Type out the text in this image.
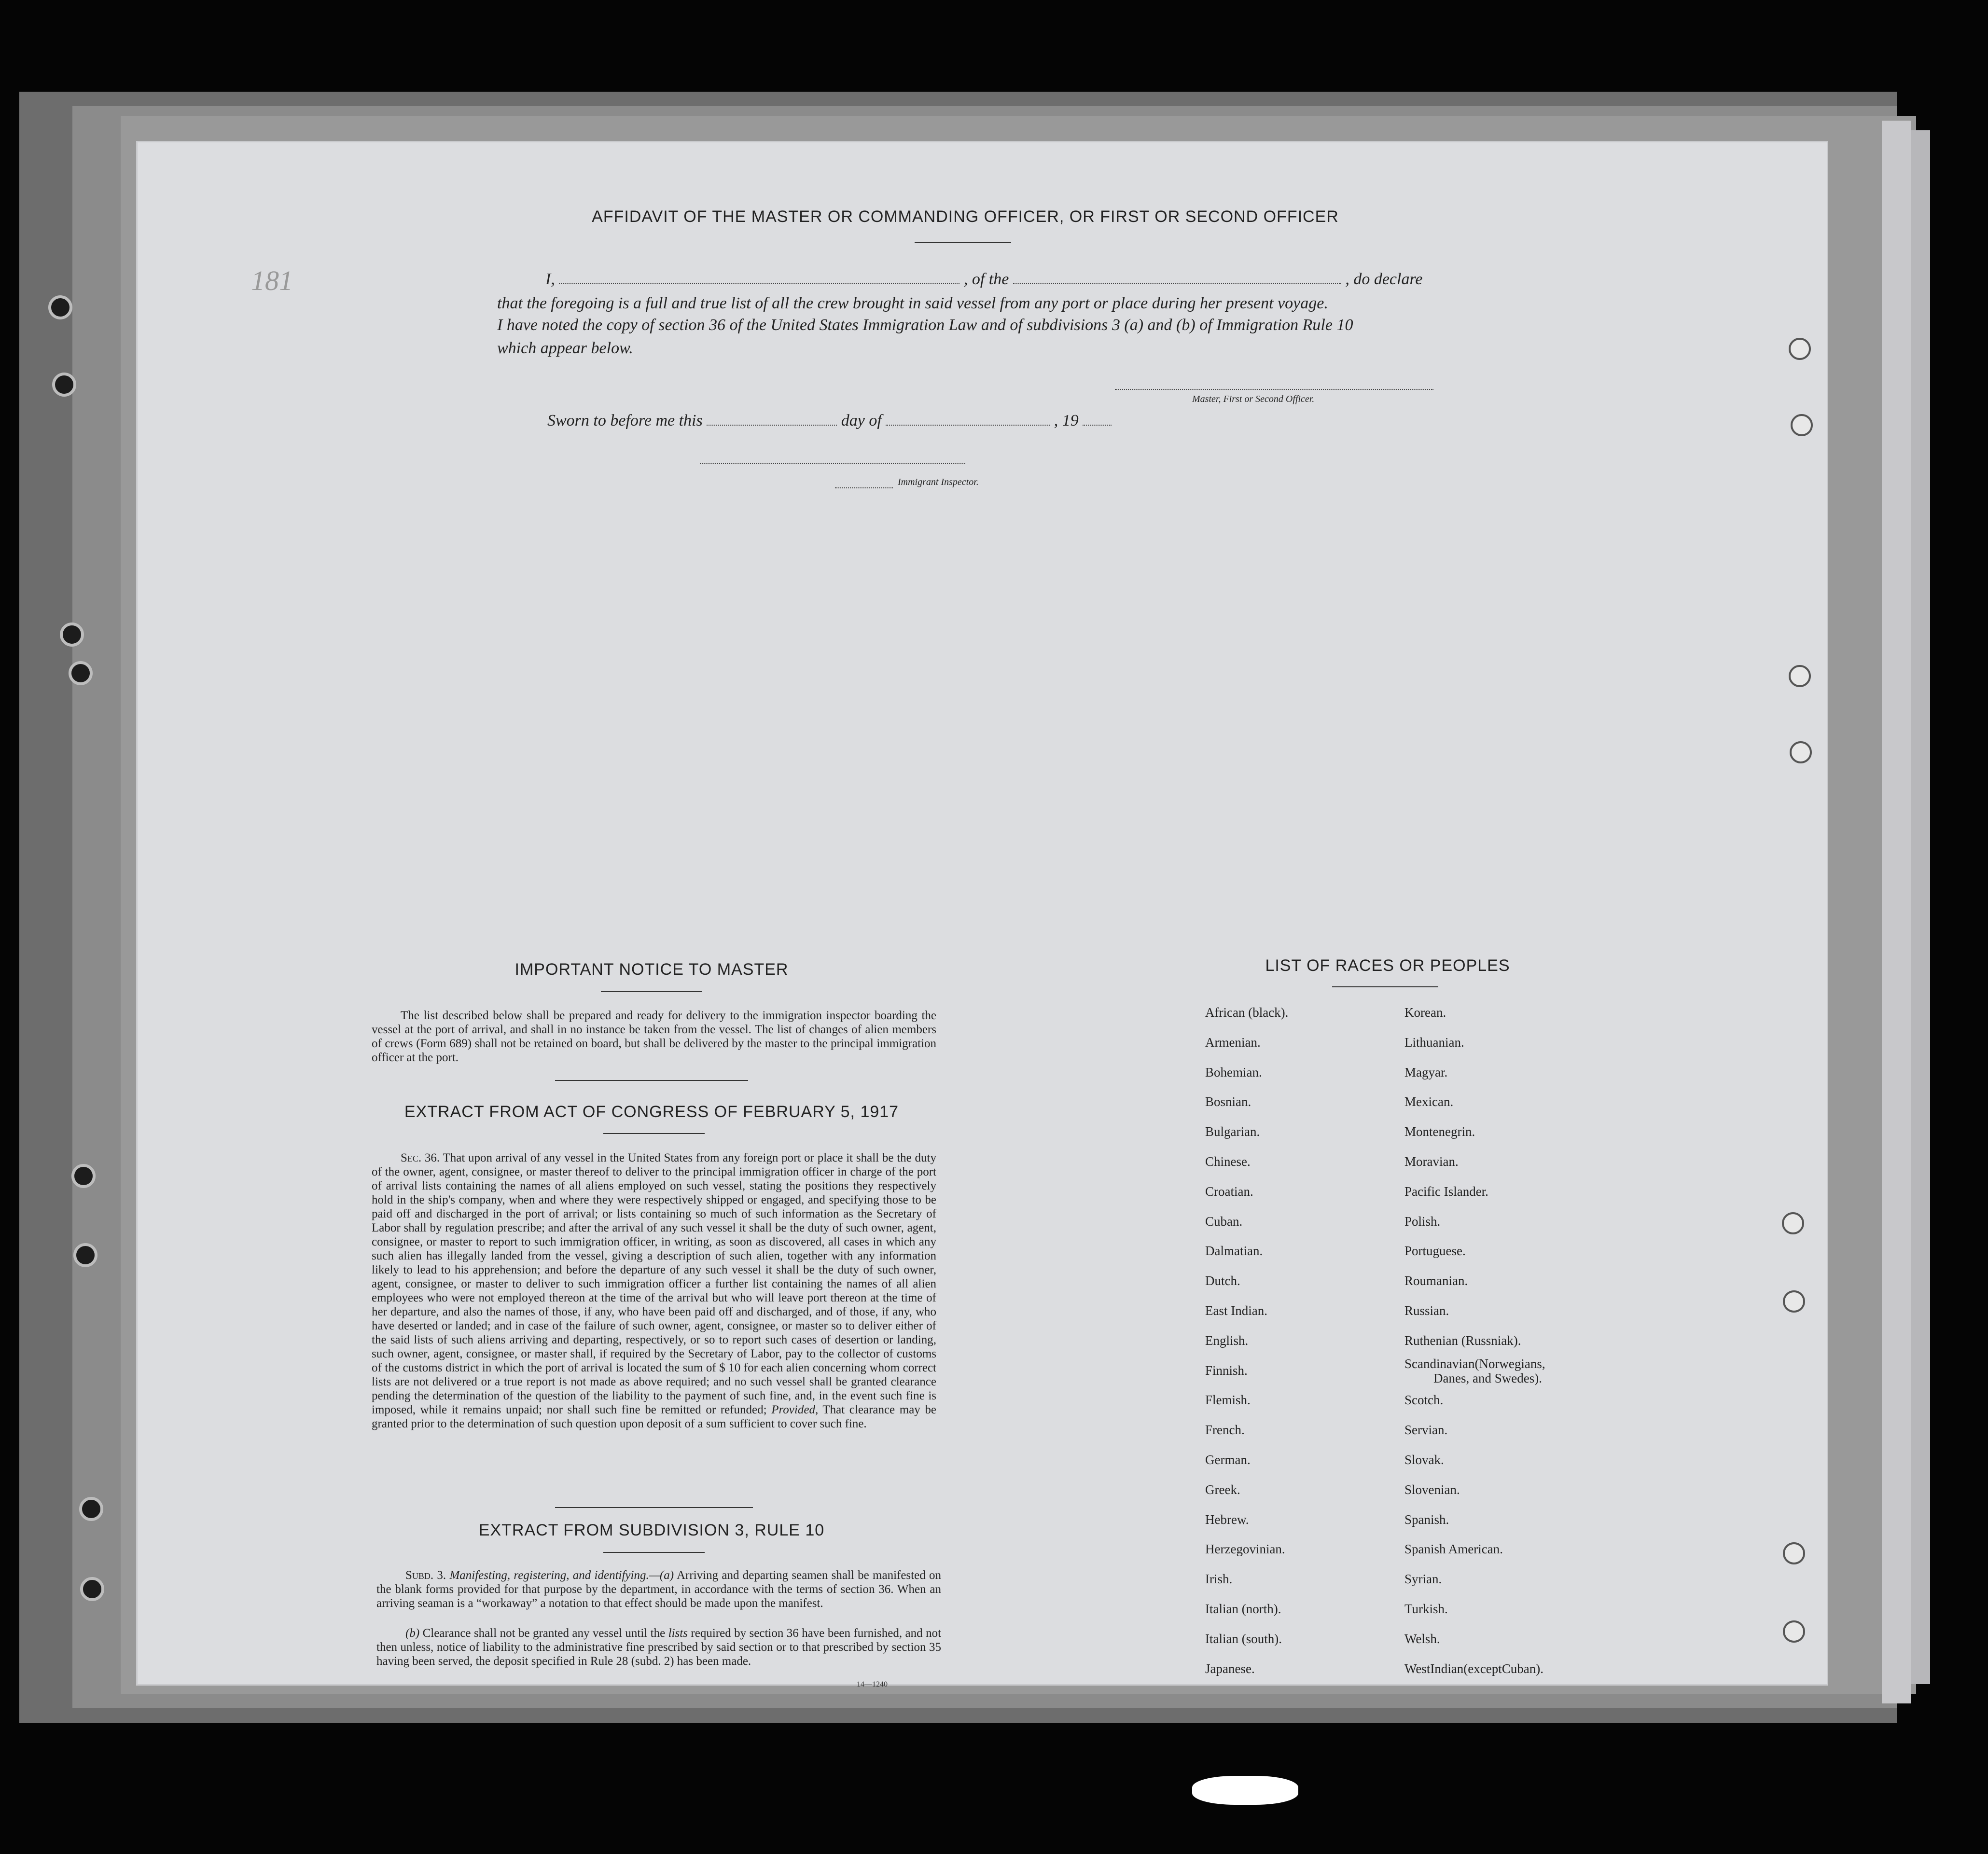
181
AFFIDAVIT OF THE MASTER OR COMMANDING OFFICER, OR FIRST OR SECOND OFFICER
I,	, of the	, do declare
that the foregoing is a full and true list of all the crew brought in said vessel from any port or place during her present voyage.
I have noted the copy of section 36 of the United States Immigration Law and of subdivisions 3 (a) and (b) of Immigration Rule 10
which appear below.
Master, First or Second Officer.
Sworn to before me this	day of	, 19
Immigrant Inspector.
IMPORTANT NOTICE TO MASTER
The list described below shall be prepared and ready for delivery to the immigration inspector boarding the vessel at the port of arrival, and shall in no instance be taken from the vessel. The list of changes of alien members of crews (Form 689) shall not be retained on board, but shall be delivered by the master to the principal immigration officer at the port.
EXTRACT FROM ACT OF CONGRESS OF FEBRUARY 5, 1917
Sec. 36. That upon arrival of any vessel in the United States from any foreign port or place it shall be the duty of the owner, agent, consignee, or master thereof to deliver to the principal immigration officer in charge of the port of arrival lists containing the names of all aliens employed on such vessel, stating the positions they respectively hold in the ship's company, when and where they were respectively shipped or engaged, and specifying those to be paid off and discharged in the port of arrival; or lists containing so much of such information as the Secretary of Labor shall by regulation prescribe; and after the arrival of any such vessel it shall be the duty of such owner, agent, consignee, or master to report to such immigration officer, in writing, as soon as discovered, all cases in which any such alien has illegally landed from the vessel, giving a description of such alien, together with any information likely to lead to his apprehension; and before the departure of any such vessel it shall be the duty of such owner, agent, consignee, or master to deliver to such immigration officer a further list containing the names of all alien employees who were not employed thereon at the time of the arrival but who will leave port thereon at the time of her departure, and also the names of those, if any, who have been paid off and discharged, and of those, if any, who have deserted or landed; and in case of the failure of such owner, agent, consignee, or master so to deliver either of the said lists of such aliens arriving and departing, respectively, or so to report such cases of desertion or landing, such owner, agent, consignee, or master shall, if required by the Secretary of Labor, pay to the collector of customs of the customs district in which the port of arrival is located the sum of $ 10 for each alien concerning whom correct lists are not delivered or a true report is not made as above required; and no such vessel shall be granted clearance pending the determination of the question of the liability to the payment of such fine, and, in the event such fine is imposed, while it remains unpaid; nor shall such fine be remitted or refunded; Provided, That clearance may be granted prior to the determination of such question upon deposit of a sum sufficient to cover such fine.
EXTRACT FROM SUBDIVISION 3, RULE 10
Subd. 3. Manifesting, registering, and identifying.—(a) Arriving and departing seamen shall be manifested on the blank forms provided for that purpose by the department, in accordance with the terms of section 36. When an arriving seaman is a “workaway” a notation to that effect should be made upon the manifest.
(b) Clearance shall not be granted any vessel until the lists required by section 36 have been furnished, and not then unless, notice of liability to the administrative fine prescribed by said section or to that prescribed by section 35 having been served, the deposit specified in Rule 28 (subd. 2) has been made.
14—1240
LIST OF RACES OR PEOPLES
African (black).
Armenian.
Bohemian.
Bosnian.
Bulgarian.
Chinese.
Croatian.
Cuban.
Dalmatian.
Dutch.
East Indian.
English.
Finnish.
Flemish.
French.
German.
Greek.
Hebrew.
Herzegovinian.
Irish.
Italian (north).
Italian (south).
Japanese.
Korean.
Lithuanian.
Magyar.
Mexican.
Montenegrin.
Moravian.
Pacific Islander.
Polish.
Portuguese.
Roumanian.
Russian.
Ruthenian (Russniak).
Scandinavian(Norwegians,
Scotch.
Servian.
Slovak.
Slovenian.
Spanish.
Spanish American.
Syrian.
Turkish.
Welsh.
WestIndian(exceptCuban).
Danes, and Swedes).
